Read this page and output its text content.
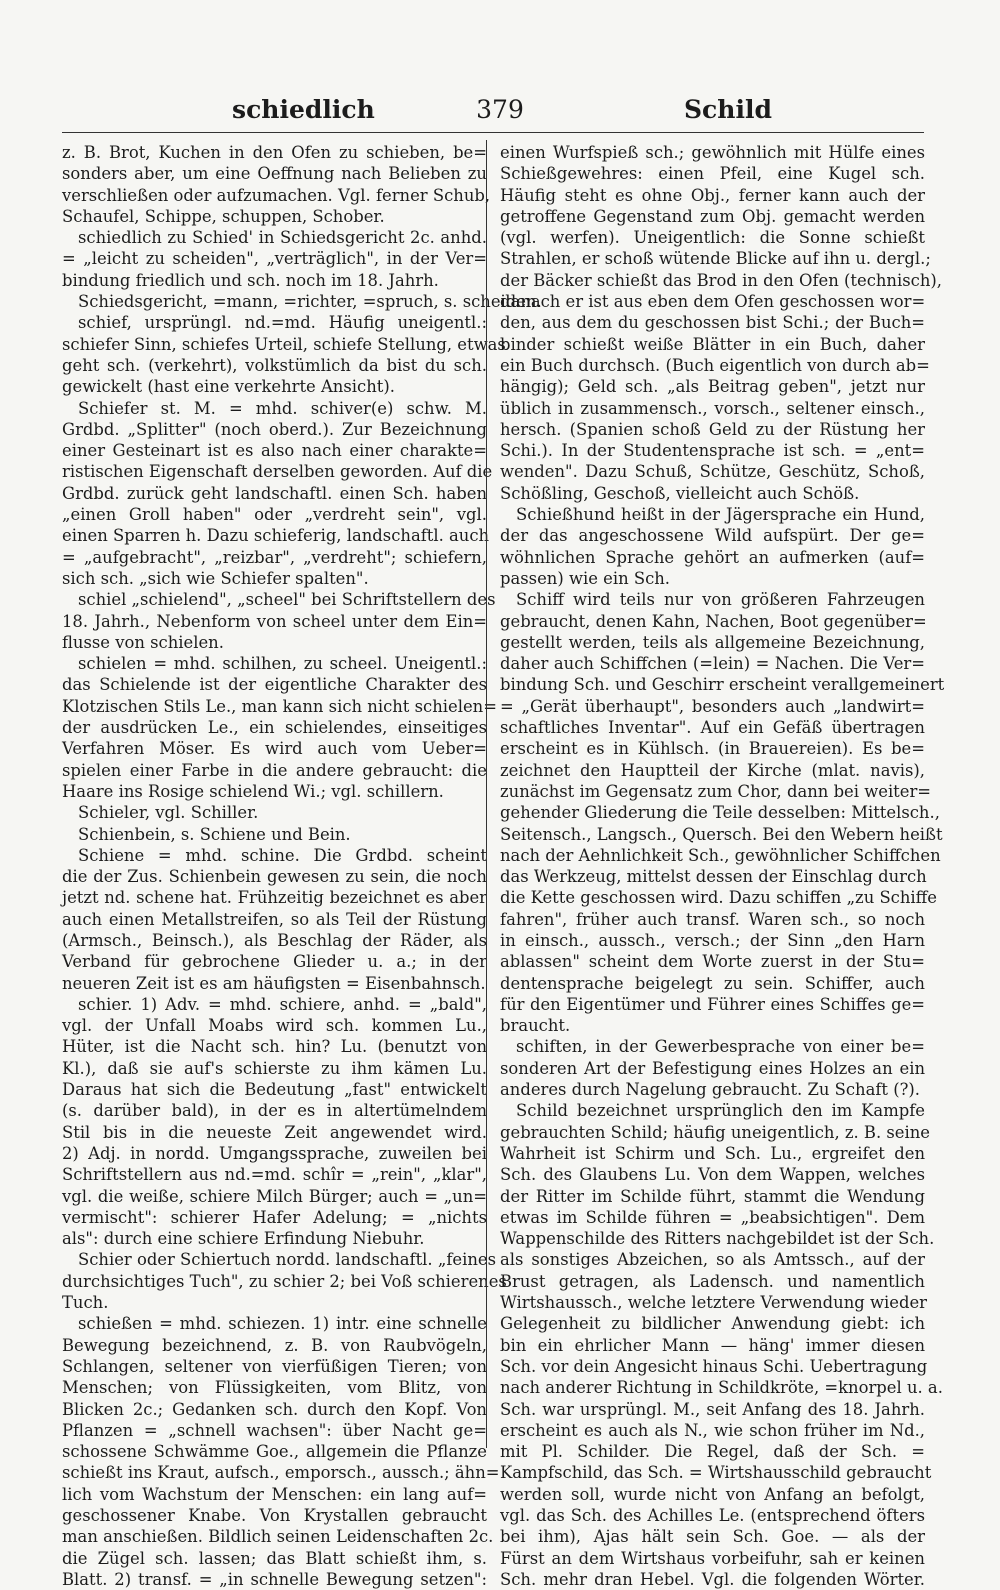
schiedlich	379	Schild
z. B. Brot, Kuchen in den Ofen zu schieben, be=
sonders aber, um eine Oeffnung nach Belieben zu
verschließen oder aufzumachen. Vgl. ferner Schub,
Schaufel, Schippe, schuppen, Schober.
schiedlich zu Schied' in Schiedsgericht 2c. anhd.
= „leicht zu scheiden", „verträglich", in der Ver=
bindung friedlich und sch. noch im 18. Jahrh.
Schiedsgericht, =mann, =richter, =spruch, s. scheiden.
schief, ursprüngl. nd.=md. Häufig uneigentl.:
schiefer Sinn, schiefes Urteil, schiefe Stellung, etwas
geht sch. (verkehrt), volkstümlich da bist du sch.
gewickelt (hast eine verkehrte Ansicht).
Schiefer st. M. = mhd. schiver(e) schw. M.
Grdbd. „Splitter" (noch oberd.). Zur Bezeichnung
einer Gesteinart ist es also nach einer charakte=
ristischen Eigenschaft derselben geworden. Auf die
Grdbd. zurück geht landschaftl. einen Sch. haben
„einen Groll haben" oder „verdreht sein", vgl.
einen Sparren h. Dazu schieferig, landschaftl. auch
= „aufgebracht", „reizbar", „verdreht"; schiefern,
sich sch. „sich wie Schiefer spalten".
schiel „schielend", „scheel" bei Schriftstellern des
18. Jahrh., Nebenform von scheel unter dem Ein=
flusse von schielen.
schielen = mhd. schilhen, zu scheel. Uneigentl.:
das Schielende ist der eigentliche Charakter des
Klotzischen Stils Le., man kann sich nicht schielen=
der ausdrücken Le., ein schielendes, einseitiges
Verfahren Möser. Es wird auch vom Ueber=
spielen einer Farbe in die andere gebraucht: die
Haare ins Rosige schielend Wi.; vgl. schillern.
Schieler, vgl. Schiller.
Schienbein, s. Schiene und Bein.
Schiene = mhd. schine. Die Grdbd. scheint
die der Zus. Schienbein gewesen zu sein, die noch
jetzt nd. schene hat. Frühzeitig bezeichnet es aber
auch einen Metallstreifen, so als Teil der Rüstung
(Armsch., Beinsch.), als Beschlag der Räder, als
Verband für gebrochene Glieder u. a.; in der
neueren Zeit ist es am häufigsten = Eisenbahnsch.
schier. 1) Adv. = mhd. schiere, anhd. = „bald",
vgl. der Unfall Moabs wird sch. kommen Lu.,
Hüter, ist die Nacht sch. hin? Lu. (benutzt von
Kl.), daß sie auf's schierste zu ihm kämen Lu.
Daraus hat sich die Bedeutung „fast" entwickelt
(s. darüber bald), in der es in altertümelndem
Stil bis in die neueste Zeit angewendet wird.
2) Adj. in nordd. Umgangssprache, zuweilen bei
Schriftstellern aus nd.=md. schîr = „rein", „klar",
vgl. die weiße, schiere Milch Bürger; auch = „un=
vermischt": schierer Hafer Adelung; = „nichts
als": durch eine schiere Erfindung Niebuhr.
Schier oder Schiertuch nordd. landschaftl. „feines
durchsichtiges Tuch", zu schier 2; bei Voß schierenes
Tuch.
schießen = mhd. schiezen. 1) intr. eine schnelle
Bewegung bezeichnend, z. B. von Raubvögeln,
Schlangen, seltener von vierfüßigen Tieren; von
Menschen; von Flüssigkeiten, vom Blitz, von
Blicken 2c.; Gedanken sch. durch den Kopf. Von
Pflanzen = „schnell wachsen": über Nacht ge=
schossene Schwämme Goe., allgemein die Pflanze
schießt ins Kraut, aufsch., emporsch., aussch.; ähn=
lich vom Wachstum der Menschen: ein lang auf=
geschossener Knabe. Von Krystallen gebraucht
man anschießen. Bildlich seinen Leidenschaften 2c.
die Zügel sch. lassen; das Blatt schießt ihm, s.
Blatt. 2) transf. = „in schnelle Bewegung setzen":
einen Wurfspieß sch.; gewöhnlich mit Hülfe eines
Schießgewehres: einen Pfeil, eine Kugel sch.
Häufig steht es ohne Obj., ferner kann auch der
getroffene Gegenstand zum Obj. gemacht werden
(vgl. werfen). Uneigentlich: die Sonne schießt
Strahlen, er schoß wütende Blicke auf ihn u. dergl.;
der Bäcker schießt das Brod in den Ofen (technisch),
danach er ist aus eben dem Ofen geschossen wor=
den, aus dem du geschossen bist Schi.; der Buch=
binder schießt weiße Blätter in ein Buch, daher
ein Buch durchsch. (Buch eigentlich von durch ab=
hängig); Geld sch. „als Beitrag geben", jetzt nur
üblich in zusammensch., vorsch., seltener einsch.,
hersch. (Spanien schoß Geld zu der Rüstung her
Schi.). In der Studentensprache ist sch. = „ent=
wenden". Dazu Schuß, Schütze, Geschütz, Schoß,
Schößling, Geschoß, vielleicht auch Schöß.
Schießhund heißt in der Jägersprache ein Hund,
der das angeschossene Wild aufspürt. Der ge=
wöhnlichen Sprache gehört an aufmerken (auf=
passen) wie ein Sch.
Schiff wird teils nur von größeren Fahrzeugen
gebraucht, denen Kahn, Nachen, Boot gegenüber=
gestellt werden, teils als allgemeine Bezeichnung,
daher auch Schiffchen (=lein) = Nachen. Die Ver=
bindung Sch. und Geschirr erscheint verallgemeinert
= „Gerät überhaupt", besonders auch „landwirt=
schaftliches Inventar". Auf ein Gefäß übertragen
erscheint es in Kühlsch. (in Brauereien). Es be=
zeichnet den Hauptteil der Kirche (mlat. navis),
zunächst im Gegensatz zum Chor, dann bei weiter=
gehender Gliederung die Teile desselben: Mittelsch.,
Seitensch., Langsch., Quersch. Bei den Webern heißt
nach der Aehnlichkeit Sch., gewöhnlicher Schiffchen
das Werkzeug, mittelst dessen der Einschlag durch
die Kette geschossen wird. Dazu schiffen „zu Schiffe
fahren", früher auch transf. Waren sch., so noch
in einsch., aussch., versch.; der Sinn „den Harn
ablassen" scheint dem Worte zuerst in der Stu=
dentensprache beigelegt zu sein. Schiffer, auch
für den Eigentümer und Führer eines Schiffes ge=
braucht.
schiften, in der Gewerbesprache von einer be=
sonderen Art der Befestigung eines Holzes an ein
anderes durch Nagelung gebraucht. Zu Schaft (?).
Schild bezeichnet ursprünglich den im Kampfe
gebrauchten Schild; häufig uneigentlich, z. B. seine
Wahrheit ist Schirm und Sch. Lu., ergreifet den
Sch. des Glaubens Lu. Von dem Wappen, welches
der Ritter im Schilde führt, stammt die Wendung
etwas im Schilde führen = „beabsichtigen". Dem
Wappenschilde des Ritters nachgebildet ist der Sch.
als sonstiges Abzeichen, so als Amtssch., auf der
Brust getragen, als Ladensch. und namentlich
Wirtshaussch., welche letztere Verwendung wieder
Gelegenheit zu bildlicher Anwendung giebt: ich
bin ein ehrlicher Mann — häng' immer diesen
Sch. vor dein Angesicht hinaus Schi. Uebertragung
nach anderer Richtung in Schildkröte, =knorpel u. a.
Sch. war ursprüngl. M., seit Anfang des 18. Jahrh.
erscheint es auch als N., wie schon früher im Nd.,
mit Pl. Schilder. Die Regel, daß der Sch. =
Kampfschild, das Sch. = Wirtshausschild gebraucht
werden soll, wurde nicht von Anfang an befolgt,
vgl. das Sch. des Achilles Le. (entsprechend öfters
bei ihm), Ajas hält sein Sch. Goe. — als der
Fürst an dem Wirtshaus vorbeifuhr, sah er keinen
Sch. mehr dran Hebel. Vgl. die folgenden Wörter.
